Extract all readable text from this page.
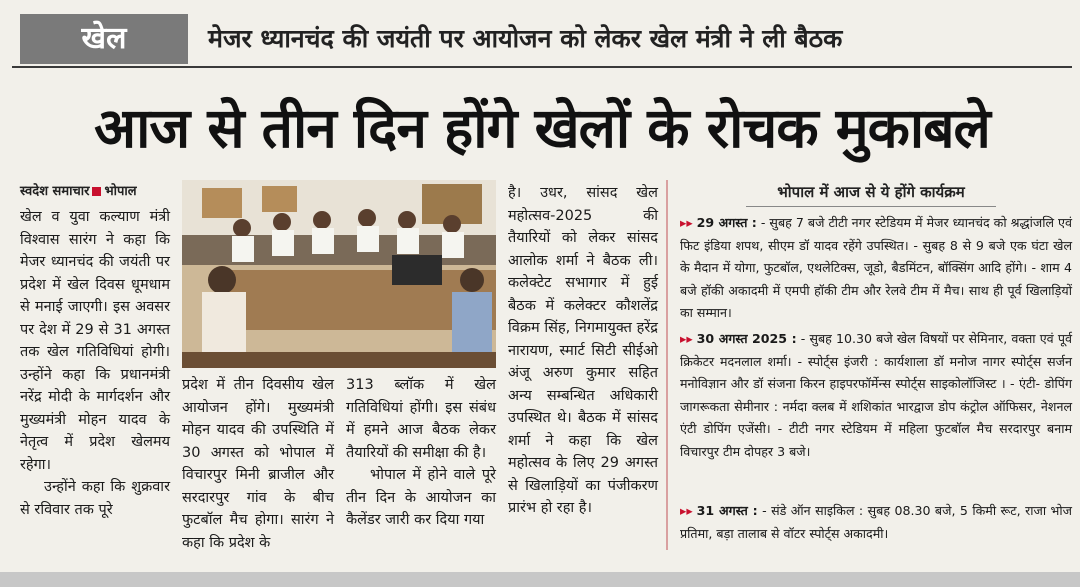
खेल	मेजर ध्यानचंद की जयंती पर आयोजन को लेकर खेल मंत्री ने ली बैठक
आज से तीन दिन होंगे खेलों के रोचक मुकाबले
स्वदेश समाचार भोपाल

खेल व युवा कल्याण मंत्री विश्वास सारंग ने कहा कि मेजर ध्यानचंद की जयंती पर प्रदेश में खेल दिवस धूमधाम से मनाई जाएगी। इस अवसर पर देश में 29 से 31 अगस्त तक खेल गतिविधियां होगी। उन्होंने कहा कि प्रधानमंत्री नरेंद्र मोदी के मार्गदर्शन और मुख्यमंत्री मोहन यादव के नेतृत्व में प्रदेश खेलमय रहेगा।

उन्होंने कहा कि शुक्रवार से रविवार तक पूरे

प्रदेश में तीन दिवसीय खेल आयोजन होंगे। मुख्यमंत्री मोहन यादव की उपस्थिति में 30 अगस्त को भोपाल में विचारपुर मिनी ब्राजील और सरदारपुर गांव के बीच फुटबॉल मैच होगा। सारंग ने कहा कि प्रदेश के

313 ब्लॉक में खेल गतिविधियां होंगी। इस संबंध में हमने आज बैठक लेकर तैयारियों की समीक्षा की है।

भोपाल में होने वाले पूरे तीन दिन के आयोजन का कैलेंडर जारी कर दिया गया

है। उधर, सांसद खेल महोत्सव-2025 की तैयारियों को लेकर सांसद आलोक शर्मा ने बैठक ली। कलेक्टेट सभागार में हुई बैठक में कलेक्टर कौशलेंद्र विक्रम सिंह, निगमायुक्त हरेंद्र नारायण, स्मार्ट सिटी सीईओ अंजू अरुण कुमार सहित अन्य सम्बन्धित अधिकारी उपस्थित थे। बैठक में सांसद शर्मा ने कहा कि खेल महोत्सव के लिए 29 अगस्त से खिलाड़ियों का पंजीकरण प्रारंभ हो रहा है।

भोपाल में आज से ये होंगे कार्यक्रम
▸▸ 29 अगस्त : - सुबह 7 बजे टीटी नगर स्टेडियम में मेजर ध्यानचंद को श्रद्धांजलि एवं फिट इंडिया शपथ, सीएम डॉ यादव रहेंगे उपस्थित। - सुबह 8 से 9 बजे एक घंटा खेल के मैदान में योगा, फुटबॉल, एथलेटिक्स, जूडो, बैडमिंटन, बॉक्सिंग आदि होंगे। - शाम 4 बजे हॉकी अकादमी में एमपी हॉकी टीम और रेलवे टीम में मैच। साथ ही पूर्व खिलाड़ियों का सम्मान।
▸▸ 30 अगस्त 2025 : - सुबह 10.30 बजे खेल विषयों पर सेमिनार, वक्ता एवं पूर्व क्रिकेटर मदनलाल शर्मा। - स्पोर्ट्स इंजरी : कार्यशाला डॉ मनोज नागर स्पोर्ट्स सर्जन मनोविज्ञान और डॉ संजना किरन हाइपरफॉर्मेन्स स्पोर्ट्स साइकोलॉजिस्ट । - एंटी- डोपिंग जागरूकता सेमीनार : नर्मदा क्लब में शशिकांत भारद्वाज डोप कंट्रोल ऑफिसर, नेशनल एंटी डोपिंग एजेंसी। - टीटी नगर स्टेडियम में महिला फुटबॉल मैच सरदारपुर बनाम विचारपुर टीम दोपहर 3 बजे।
▸▸ 31 अगस्त : - संडे ऑन साइकिल : सुबह 08.30 बजे, 5 किमी रूट, राजा भोज प्रतिमा, बड़ा तालाब से वॉटर स्पोर्ट्स अकादमी।
